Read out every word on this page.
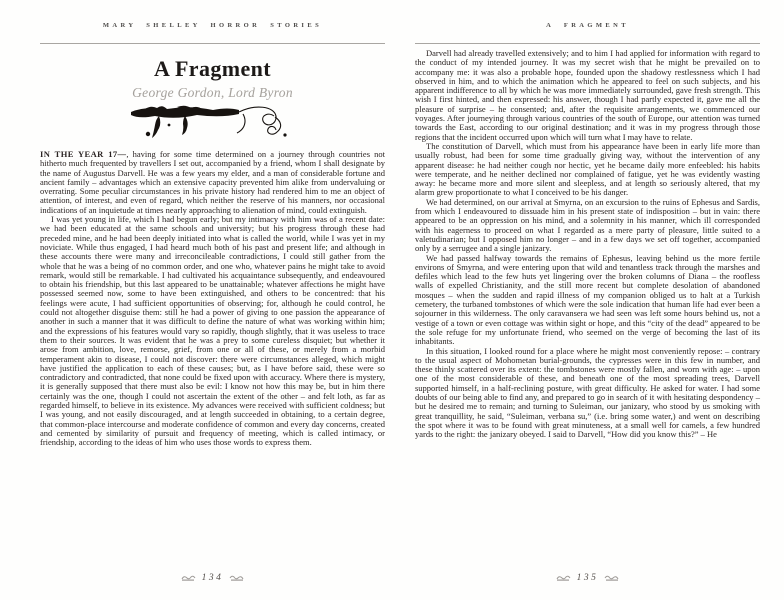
MARY SHELLEY HORROR STORIES
A Fragment
George Gordon, Lord Byron

IN THE YEAR 17—, having for some time determined on a journey through countries not hitherto much frequented by travellers I set out, accompanied by a friend, whom I shall designate by the name of Augustus Darvell. He was a few years my elder, and a man of considerable fortune and ancient family – advantages which an extensive capacity prevented him alike from undervaluing or overrating. Some peculiar circumstances in his private history had rendered him to me an object of attention, of interest, and even of regard, which neither the reserve of his manners, nor occasional indications of an inquietude at times nearly approaching to alienation of mind, could extinguish.

I was yet young in life, which I had begun early; but my intimacy with him was of a recent date: we had been educated at the same schools and university; but his progress through these had preceded mine, and he had been deeply initiated into what is called the world, while I was yet in my noviciate. While thus engaged, I had heard much both of his past and present life; and although in these accounts there were many and irreconcileable contradictions, I could still gather from the whole that he was a being of no common order, and one who, whatever pains he might take to avoid remark, would still be remarkable. I had cultivated his acquaintance subsequently, and endeavoured to obtain his friendship, but this last appeared to be unattainable; whatever affections he might have possessed seemed now, some to have been extinguished, and others to be concentred: that his feelings were acute, I had sufficient opportunities of observing; for, although he could control, he could not altogether disguise them: still he had a power of giving to one passion the appearance of another in such a manner that it was difficult to define the nature of what was working within him; and the expressions of his features would vary so rapidly, though slightly, that it was useless to trace them to their sources. It was evident that he was a prey to some cureless disquiet; but whether it arose from ambition, love, remorse, grief, from one or all of these, or merely from a morbid temperament akin to disease, I could not discover: there were circumstances alleged, which might have justified the application to each of these causes; but, as I have before said, these were so contradictory and contradicted, that none could be fixed upon with accuracy. Where there is mystery, it is generally supposed that there must also be evil: I know not how this may be, but in him there certainly was the one, though I could not ascertain the extent of the other – and felt loth, as far as regarded himself, to believe in its existence. My advances were received with sufficient coldness; but I was young, and not easily discouraged, and at length succeeded in obtaining, to a certain degree, that common-place intercourse and moderate confidence of common and every day concerns, created and cemented by similarity of pursuit and frequency of meeting, which is called intimacy, or friendship, according to the ideas of him who uses those words to express them.

134
A FRAGMENT

Darvell had already travelled extensively; and to him I had applied for information with regard to the conduct of my intended journey. It was my secret wish that he might be prevailed on to accompany me: it was also a probable hope, founded upon the shadowy restlessness which I had observed in him, and to which the animation which he appeared to feel on such subjects, and his apparent indifference to all by which he was more immediately surrounded, gave fresh strength. This wish I first hinted, and then expressed: his answer, though I had partly expected it, gave me all the pleasure of surprise – he consented; and, after the requisite arrangements, we commenced our voyages. After journeying through various countries of the south of Europe, our attention was turned towards the East, according to our original destination; and it was in my progress through those regions that the incident occurred upon which will turn what I may have to relate.

The constitution of Darvell, which must from his appearance have been in early life more than usually robust, had been for some time gradually giving way, without the intervention of any apparent disease: he had neither cough nor hectic, yet he became daily more enfeebled: his habits were temperate, and he neither declined nor complained of fatigue, yet he was evidently wasting away: he became more and more silent and sleepless, and at length so seriously altered, that my alarm grew proportionate to what I conceived to be his danger.

We had determined, on our arrival at Smyrna, on an excursion to the ruins of Ephesus and Sardis, from which I endeavoured to dissuade him in his present state of indisposition – but in vain: there appeared to be an oppression on his mind, and a solemnity in his manner, which ill corresponded with his eagerness to proceed on what I regarded as a mere party of pleasure, little suited to a valetudinarian; but I opposed him no longer – and in a few days we set off together, accompanied only by a serrugee and a single janizary.

We had passed halfway towards the remains of Ephesus, leaving behind us the more fertile environs of Smyrna, and were entering upon that wild and tenantless track through the marshes and defiles which lead to the few huts yet lingering over the broken columns of Diana – the roofless walls of expelled Christianity, and the still more recent but complete desolation of abandoned mosques – when the sudden and rapid illness of my companion obliged us to halt at a Turkish cemetery, the turbaned tombstones of which were the sole indication that human life had ever been a sojourner in this wilderness. The only caravansera we had seen was left some hours behind us, not a vestige of a town or even cottage was within sight or hope, and this “city of the dead” appeared to be the sole refuge for my unfortunate friend, who seemed on the verge of becoming the last of its inhabitants.

In this situation, I looked round for a place where he might most conveniently repose: – contrary to the usual aspect of Mohometan burial-grounds, the cypresses were in this few in number, and these thinly scattered over its extent: the tombstones were mostly fallen, and worn with age: – upon one of the most considerable of these, and beneath one of the most spreading trees, Darvell supported himself, in a half-reclining posture, with great difficulty. He asked for water. I had some doubts of our being able to find any, and prepared to go in search of it with hesitating despondency – but he desired me to remain; and turning to Suleiman, our janizary, who stood by us smoking with great tranquillity, he said, “Suleiman, verbana su,” (i.e. bring some water,) and went on describing the spot where it was to be found with great minuteness, at a small well for camels, a few hundred yards to the right: the janizary obeyed. I said to Darvell, “How did you know this?” – He

135
